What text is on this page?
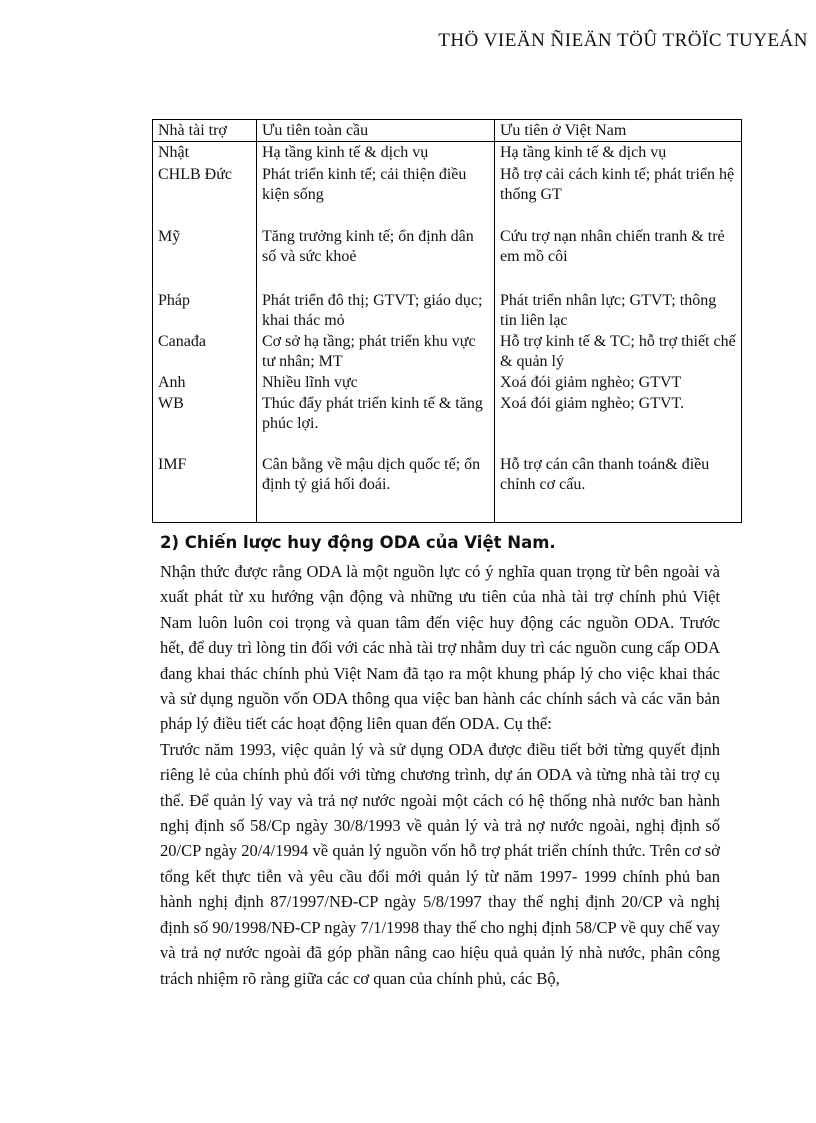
THÖ VIEÄN ÑIEÄN TÖÛ TRÖÏC TUYEÁN
Nhà tài trợ	Ưu tiên toàn cầu	Ưu tiên ở Việt Nam
Nhật	Hạ tầng kinh tế & dịch vụ	Hạ tầng kinh tế & dịch vụ
CHLB Đức	Phát triển kinh tế; cải thiện điều kiện sống	Hỗ trợ cải cách kinh tế; phát triển hệ thống GT
Mỹ	Tăng trưởng kinh tế; ổn định dân số và sức khoẻ	Cứu trợ nạn nhân chiến tranh & trẻ em mồ côi
Pháp	Phát triển đô thị; GTVT; giáo dục; khai thác mỏ	Phát triển nhân lực; GTVT; thông tin liên lạc
Canađa	Cơ sở hạ tầng; phát triển khu vực tư nhân; MT	Hỗ trợ kinh tế & TC; hỗ trợ thiết chế & quản lý
Anh	Nhiều lĩnh vực	Xoá đói giảm nghèo; GTVT
WB	Thúc đẩy phát triển kinh tế & tăng phúc lợi.	Xoá đói giảm nghèo; GTVT.
IMF	Cân bằng về mậu dịch quốc tế; ổn định tỷ giá hối đoái.	Hỗ trợ cán cân thanh toán& điều chỉnh cơ cấu.
2) Chiến lược huy động ODA của Việt Nam.

Nhận thức được rằng ODA là một nguồn lực có ý nghĩa quan trọng từ bên ngoài và xuất phát từ xu hướng vận động và những ưu tiên của nhà tài trợ chính phủ Việt Nam luôn luôn coi trọng và quan tâm đến việc huy động các nguồn ODA. Trước hết, để duy trì lòng tin đối với các nhà tài trợ nhằm duy trì các nguồn cung cấp ODA đang khai thác chính phủ Việt Nam đã tạo ra một khung pháp lý cho việc khai thác và sử dụng nguồn vốn ODA thông qua việc ban hành các chính sách và các văn bản pháp lý điều tiết các hoạt động liên quan đến ODA. Cụ thể:

Trước năm 1993, việc quản lý và sử dụng ODA được điều tiết bởi từng quyết định riêng lẻ của chính phủ đối với từng chương trình, dự án ODA và từng nhà tài trợ cụ thể. Để quản lý vay và trả nợ nước ngoài một cách có hệ thống nhà nước ban hành nghị định số 58/Cp ngày 30/8/1993 về quản lý và trả nợ nước ngoài, nghị định số 20/CP ngày 20/4/1994 về quản lý nguồn vốn hỗ trợ phát triển chính thức. Trên cơ sở tổng kết thực tiễn và yêu cầu đổi mới quản lý từ năm 1997- 1999 chính phủ ban hành nghị định 87/1997/NĐ-CP ngày 5/8/1997 thay thế nghị định 20/CP và nghị định số 90/1998/NĐ-CP ngày 7/1/1998 thay thế cho nghị định 58/CP về quy chế vay và trả nợ nước ngoài đã góp phần nâng cao hiệu quả quản lý nhà nước, phân công trách nhiệm rõ ràng giữa các cơ quan của chính phủ, các Bộ,
